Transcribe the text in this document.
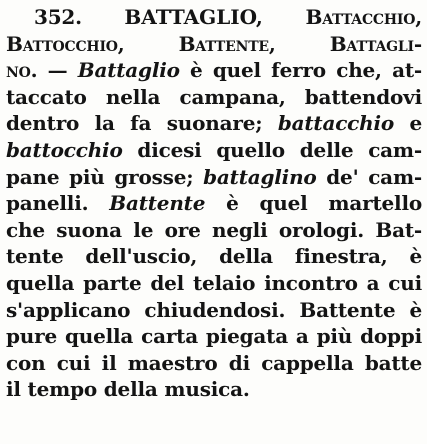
352. BATTAGLIO, Battacchio,
Battocchio, Battente, Battagli-
no. — Battaglio è quel ferro che, at-
taccato nella campana, battendovi
dentro la fa suonare; battacchio e
battocchio dicesi quello delle cam-
pane più grosse; battaglino de' cam-
panelli. Battente è quel martello
che suona le ore negli orologi. Bat-
tente dell'uscio, della finestra, è
quella parte del telaio incontro a cui
s'applicano chiudendosi. Battente è
pure quella carta piegata a più doppi
con cui il maestro di cappella batte
il tempo della musica.
